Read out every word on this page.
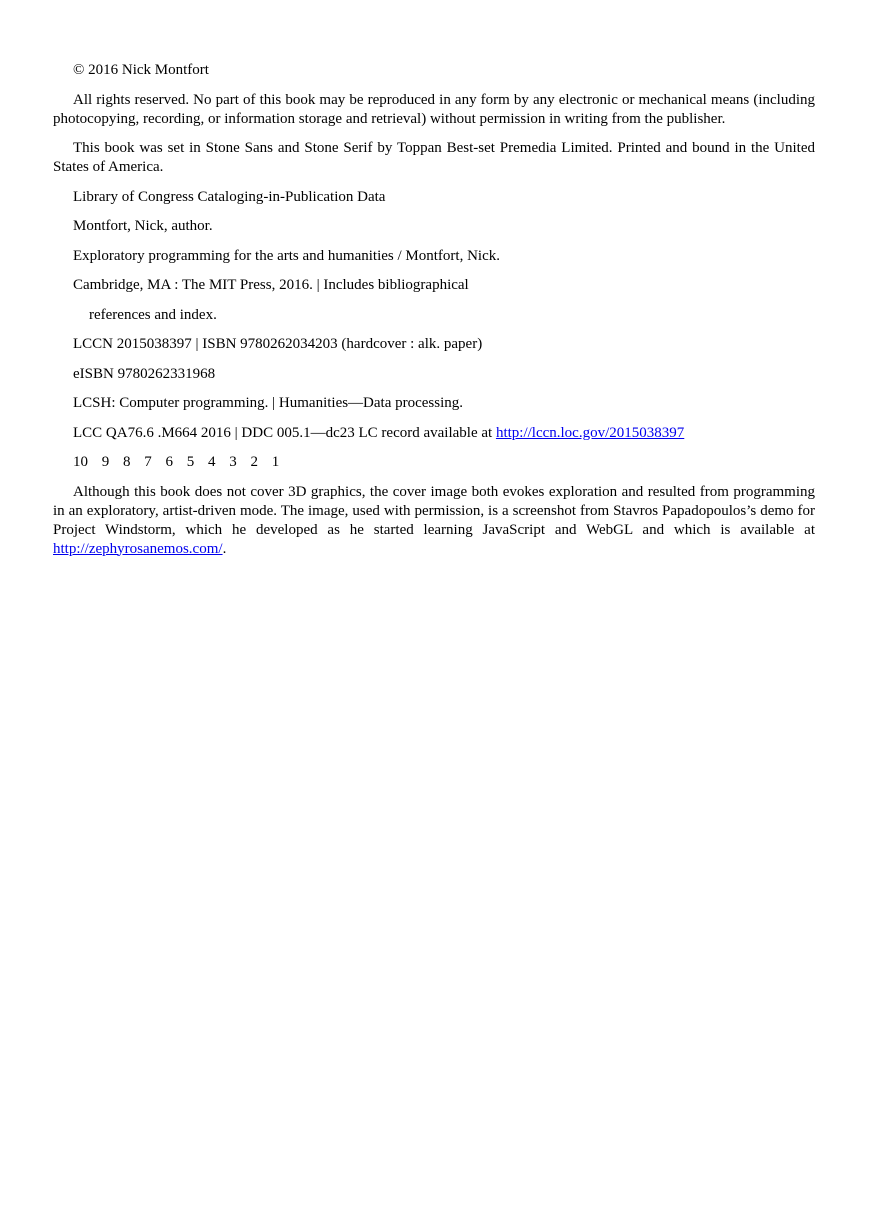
© 2016 Nick Montfort

All rights reserved. No part of this book may be reproduced in any form by any electronic or mechanical means (including photocopying, recording, or information storage and retrieval) without permission in writing from the publisher.

This book was set in Stone Sans and Stone Serif by Toppan Best-set Premedia Limited. Printed and bound in the United States of America.

Library of Congress Cataloging-in-Publication Data

Montfort, Nick, author.

Exploratory programming for the arts and humanities / Montfort, Nick.

Cambridge, MA : The MIT Press, 2016. | Includes bibliographical

references and index.

LCCN 2015038397 | ISBN 9780262034203 (hardcover : alk. paper)

eISBN 9780262331968

LCSH: Computer programming. | Humanities—Data processing.

LCC QA76.6 .M664 2016 | DDC 005.1—dc23 LC record available at http://lccn.loc.gov/2015038397

10 9 8 7 6 5 4 3 2 1

Although this book does not cover 3D graphics, the cover image both evokes exploration and resulted from programming in an exploratory, artist-driven mode. The image, used with permission, is a screenshot from Stavros Papadopoulos’s demo for Project Windstorm, which he developed as he started learning JavaScript and WebGL and which is available at http://zephyrosanemos.com/.
